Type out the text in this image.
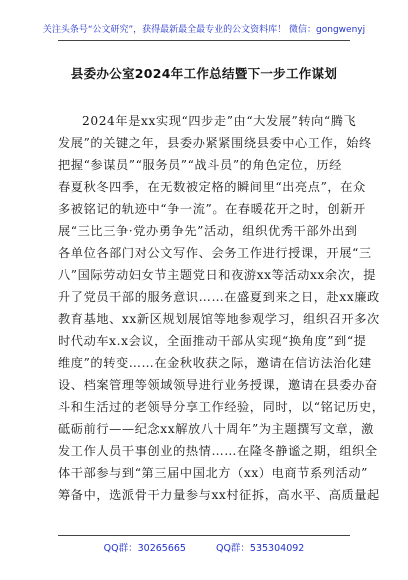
关注头条号“公文研究”，获得最新最全最专业的公文资料库！ 微信：gongwenyj
县委办公室2024年工作总结暨下一步工作谋划
2024年是xx实现“四步走”由“大发展”转向“腾飞
发展”的关键之年，县委办紧紧围绕县委中心工作，始终
把握“参谋员”“服务员”“战斗员”的角色定位，历经
春夏秋冬四季，在无数被定格的瞬间里“出亮点”，在众
多被铭记的轨迹中“争一流”。在春暖花开之时，创新开
展“三比三争·党办勇争先”活动，组织优秀干部外出到
各单位各部门对公文写作、会务工作进行授课，开展“三
八”国际劳动妇女节主题党日和夜游xx等活动xx余次，提
升了党员干部的服务意识……在盛夏到来之日，赴xx廉政
教育基地、xx新区规划展馆等地参观学习，组织召开多次
时代动车x.x会议，全面推动干部从实现“换角度”到“提
维度”的转变……在金秋收获之际，邀请在信访法治化建
设、档案管理等领域领导进行业务授课，邀请在县委办奋
斗和生活过的老领导分享工作经验，同时，以“铭记历史，
砥砺前行——纪念xx解放八十周年”为主题撰写文章，激
发工作人员干事创业的热情……在隆冬静谧之期，组织全
体干部参与到“第三届中国北方（xx）电商节系列活动”
筹备中，选派骨干力量参与xx村征拆，高水平、高质量起
QQ群：30265665	QQ群：535304092
